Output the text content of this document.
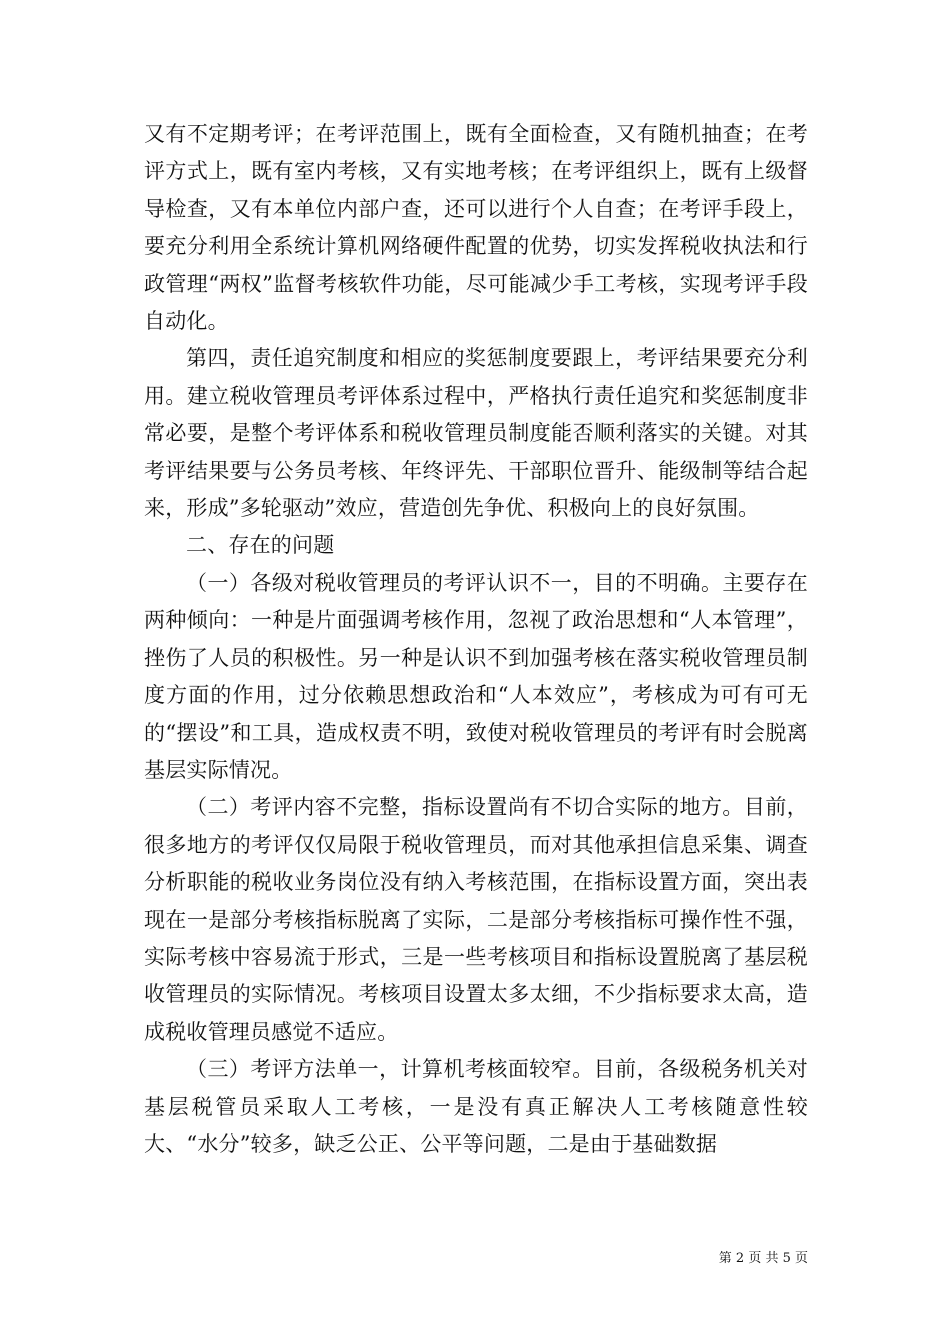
又有不定期考评；在考评范围上，既有全面检查，又有随机抽查；在考评方式上，既有室内考核，又有实地考核；在考评组织上，既有上级督导检查，又有本单位内部户查，还可以进行个人自查；在考评手段上，要充分利用全系统计算机网络硬件配置的优势，切实发挥税收执法和行政管理“两权”监督考核软件功能，尽可能减少手工考核，实现考评手段自动化。

第四，责任追究制度和相应的奖惩制度要跟上，考评结果要充分利用。建立税收管理员考评体系过程中，严格执行责任追究和奖惩制度非常必要，是整个考评体系和税收管理员制度能否顺利落实的关键。对其考评结果要与公务员考核、年终评先、干部职位晋升、能级制等结合起来，形成”多轮驱动”效应，营造创先争优、积极向上的良好氛围。

二、存在的问题

（一）各级对税收管理员的考评认识不一，目的不明确。主要存在两种倾向：一种是片面强调考核作用，忽视了政治思想和“人本管理”，挫伤了人员的积极性。另一种是认识不到加强考核在落实税收管理员制度方面的作用，过分依赖思想政治和“人本效应”，考核成为可有可无的“摆设”和工具，造成权责不明，致使对税收管理员的考评有时会脱离基层实际情况。

（二）考评内容不完整，指标设置尚有不切合实际的地方。目前，很多地方的考评仅仅局限于税收管理员，而对其他承担信息采集、调查分析职能的税收业务岗位没有纳入考核范围，在指标设置方面，突出表现在一是部分考核指标脱离了实际，二是部分考核指标可操作性不强，实际考核中容易流于形式，三是一些考核项目和指标设置脱离了基层税收管理员的实际情况。考核项目设置太多太细，不少指标要求太高，造成税收管理员感觉不适应。

（三）考评方法单一，计算机考核面较窄。目前，各级税务机关对基层税管员采取人工考核，一是没有真正解决人工考核随意性较大、“水分”较多，缺乏公正、公平等问题，二是由于基础数据

第 2 页 共 5 页
